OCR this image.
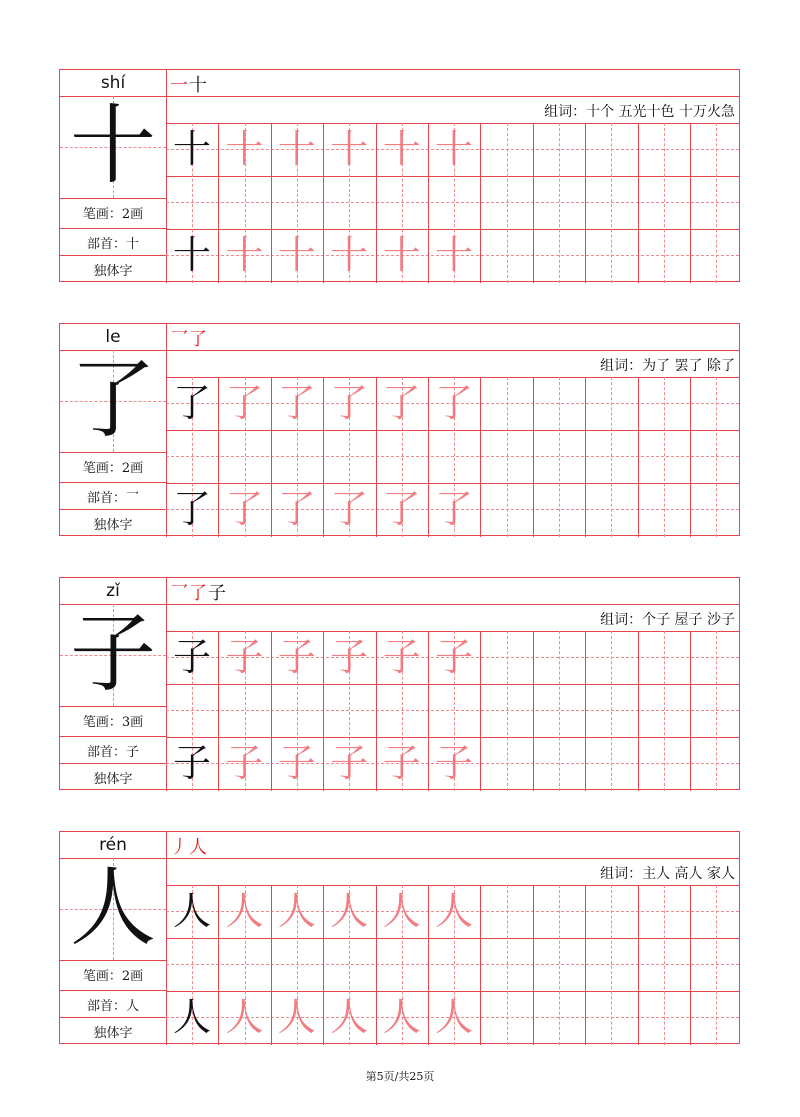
shí
十
笔画：2画
部首：十
独体字
一十
组词：十个 五光十色 十万火急
十 十 十 十 十 十
十 十 十 十 十 十
le
了
笔画：2画
部首：乛
独体字
乛了
组词：为了 罢了 除了
了 了 了 了 了 了
了 了 了 了 了 了
zǐ
子
笔画：3画
部首：子
独体字
乛了子
组词：个子 屋子 沙子
子 子 子 子 子 子
子 子 子 子 子 子
rén
人
笔画：2画
部首：人
独体字
丿人
组词：主人 高人 家人
人 人 人 人 人 人
人 人 人 人 人 人
第5页/共25页
